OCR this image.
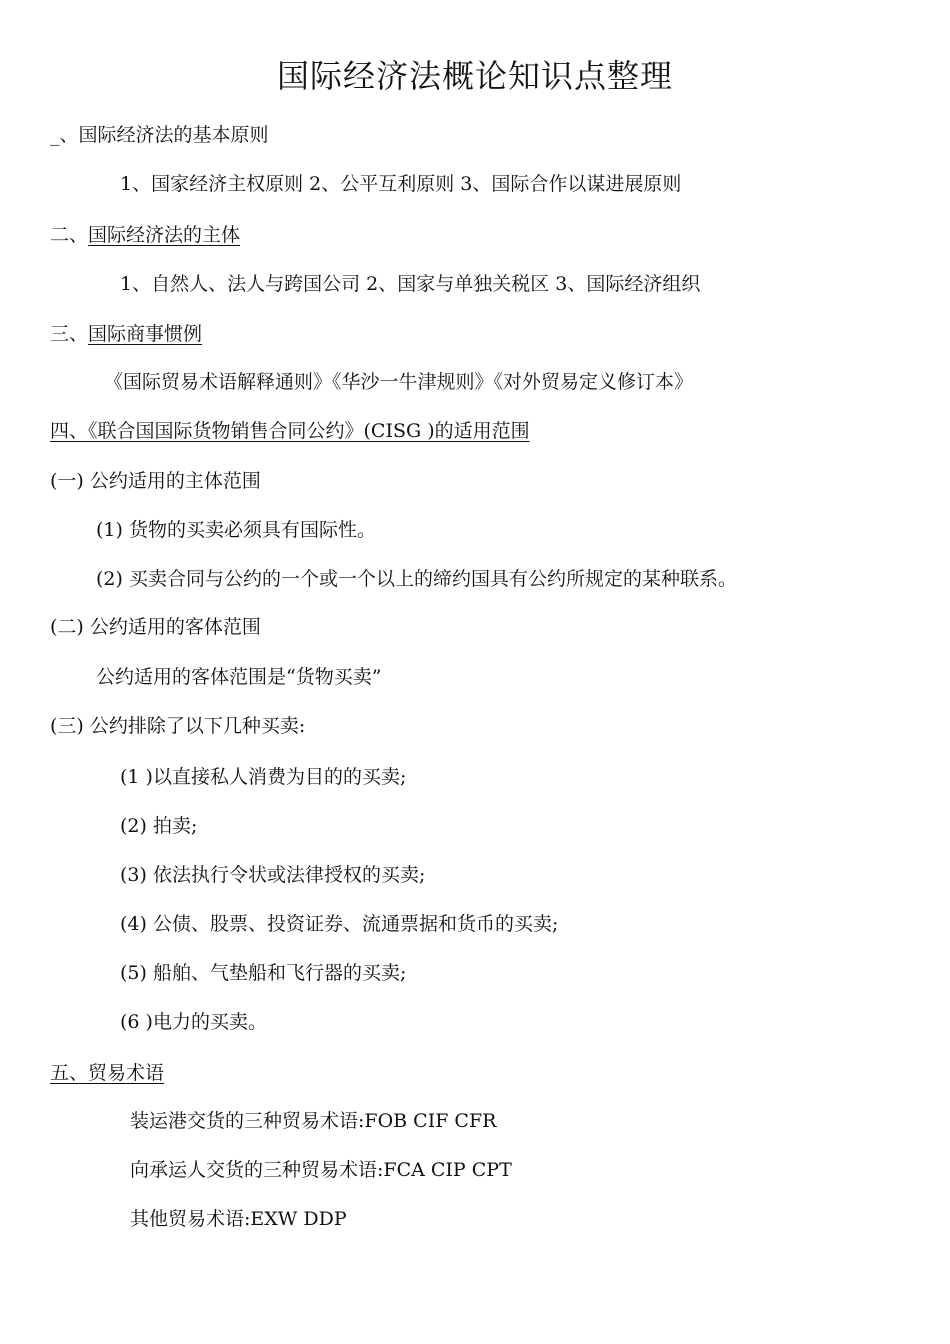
国际经济法概论知识点整理
_、国际经济法的基本原则
1、国家经济主权原则 2、公平互利原则 3、国际合作以谋进展原则
二、国际经济法的主体
1、自然人、法人与跨国公司 2、国家与单独关税区 3、国际经济组织
三、国际商事惯例
《国际贸易术语解释通则》《华沙一牛津规则》《对外贸易定义修订本》
四、《联合国国际货物销售合同公约》(CISG )的适用范围
(一) 公约适用的主体范围
(1) 货物的买卖必须具有国际性。
(2) 买卖合同与公约的一个或一个以上的缔约国具有公约所规定的某种联系。
(二) 公约适用的客体范围
公约适用的客体范围是“货物买卖”
(三) 公约排除了以下几种买卖:
(1 )以直接私人消费为目的的买卖;
(2) 拍卖;
(3) 依法执行令状或法律授权的买卖;
(4) 公债、股票、投资证券、流通票据和货币的买卖;
(5) 船舶、气垫船和飞行器的买卖;
(6 )电力的买卖。
五、贸易术语
装运港交货的三种贸易术语:FOB CIF CFR
向承运人交货的三种贸易术语:FCA CIP CPT
其他贸易术语:EXW DDP
